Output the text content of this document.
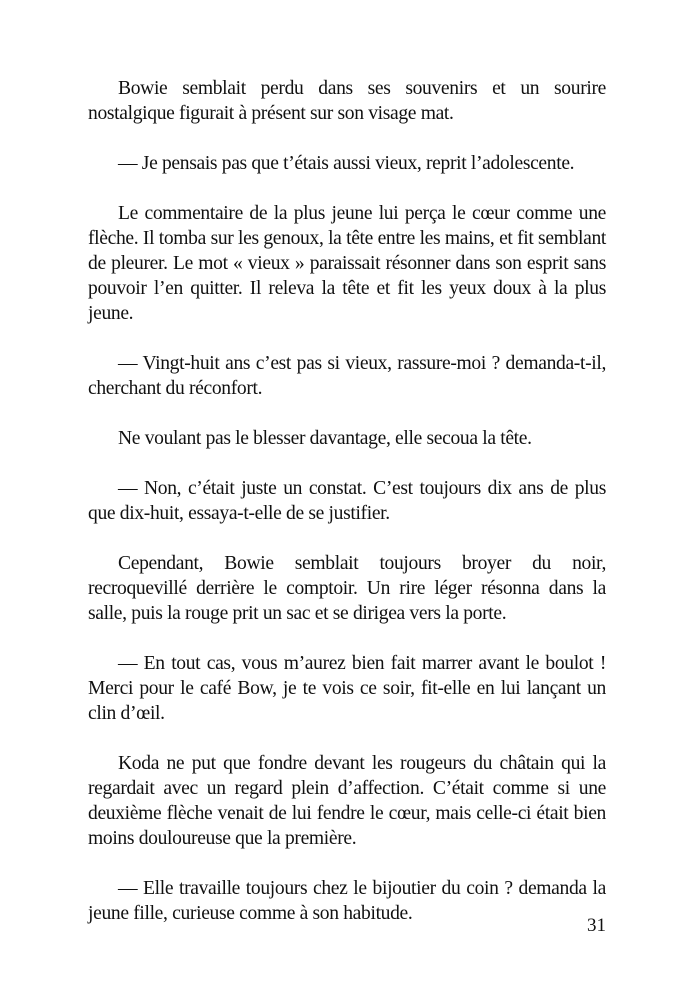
Bowie semblait perdu dans ses souvenirs et un sourire nostalgique figurait à présent sur son visage mat.

— Je pensais pas que t’étais aussi vieux, reprit l’adolescente.

Le commentaire de la plus jeune lui perça le cœur comme une flèche. Il tomba sur les genoux, la tête entre les mains, et fit semblant de pleurer. Le mot « vieux » paraissait résonner dans son esprit sans pouvoir l’en quitter. Il releva la tête et fit les yeux doux à la plus jeune.

— Vingt-huit ans c’est pas si vieux, rassure-moi ? demanda-t-il, cherchant du réconfort.

Ne voulant pas le blesser davantage, elle secoua la tête.

— Non, c’était juste un constat. C’est toujours dix ans de plus que dix-huit, essaya-t-elle de se justifier.

Cependant, Bowie semblait toujours broyer du noir, recroquevillé derrière le comptoir. Un rire léger résonna dans la salle, puis la rouge prit un sac et se dirigea vers la porte.

— En tout cas, vous m’aurez bien fait marrer avant le boulot ! Merci pour le café Bow, je te vois ce soir, fit-elle en lui lançant un clin d’œil.

Koda ne put que fondre devant les rougeurs du châtain qui la regardait avec un regard plein d’affection. C’était comme si une deuxième flèche venait de lui fendre le cœur, mais celle-ci était bien moins douloureuse que la première.

— Elle travaille toujours chez le bijoutier du coin ? demanda la jeune fille, curieuse comme à son habitude.

31
